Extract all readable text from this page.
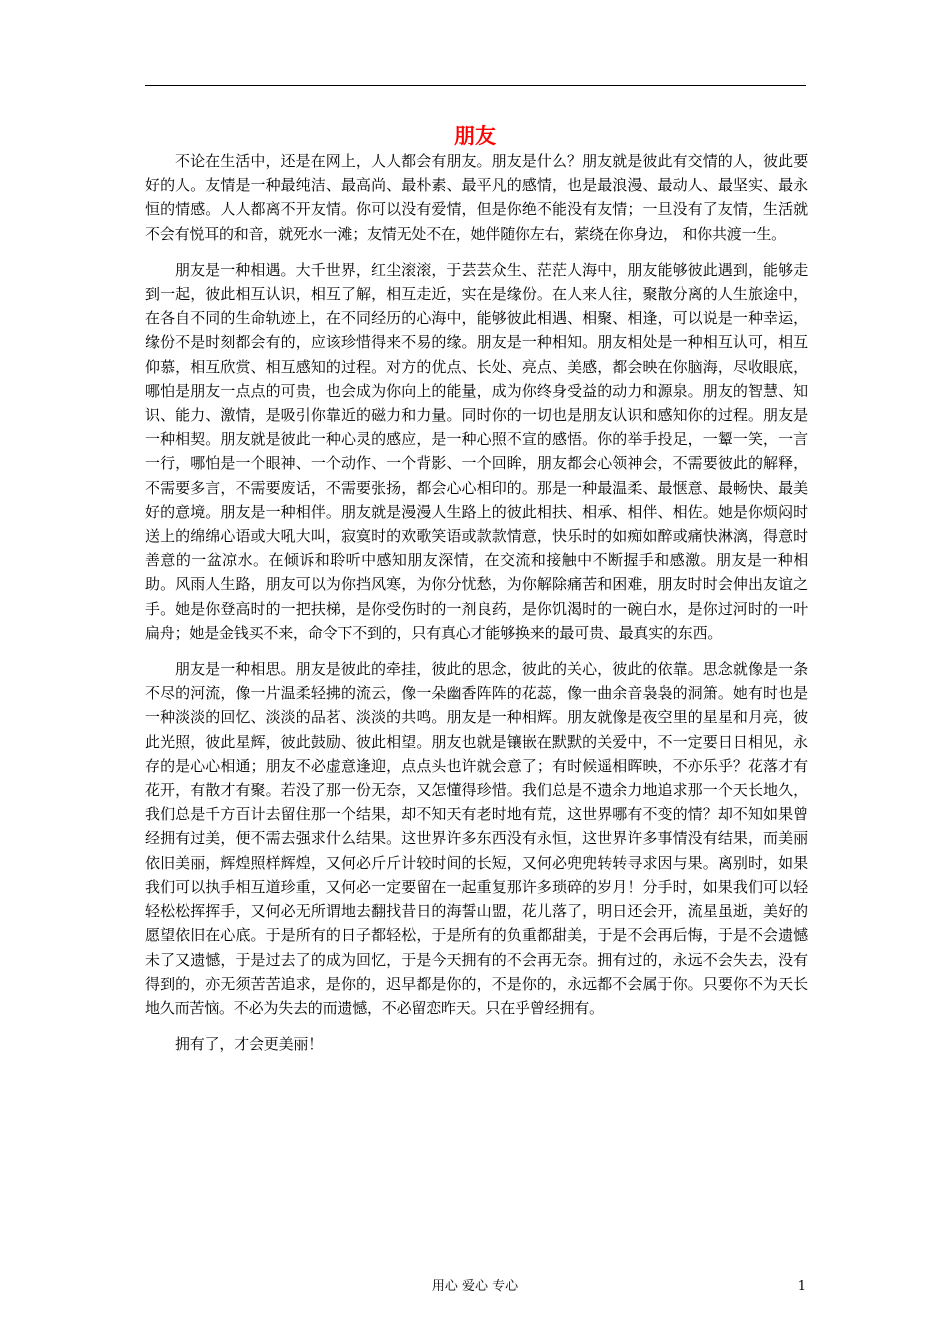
朋友

不论在生活中，还是在网上，人人都会有朋友。朋友是什么？朋友就是彼此有交情的人，彼此要好的人。友情是一种最纯洁、最高尚、最朴素、最平凡的感情，也是最浪漫、最动人、最坚实、最永恒的情感。人人都离不开友情。你可以没有爱情，但是你绝不能没有友情；一旦没有了友情，生活就不会有悦耳的和音，就死水一滩；友情无处不在，她伴随你左右，萦绕在你身边， 和你共渡一生。

朋友是一种相遇。大千世界，红尘滚滚，于芸芸众生、茫茫人海中，朋友能够彼此遇到，能够走到一起，彼此相互认识，相互了解，相互走近，实在是缘份。在人来人往，聚散分离的人生旅途中，在各自不同的生命轨迹上，在不同经历的心海中，能够彼此相遇、相聚、相逢，可以说是一种幸运，缘份不是时刻都会有的，应该珍惜得来不易的缘。朋友是一种相知。朋友相处是一种相互认可，相互仰慕，相互欣赏、相互感知的过程。对方的优点、长处、亮点、美感，都会映在你脑海，尽收眼底，哪怕是朋友一点点的可贵，也会成为你向上的能量，成为你终身受益的动力和源泉。朋友的智慧、知识、能力、激情，是吸引你靠近的磁力和力量。同时你的一切也是朋友认识和感知你的过程。朋友是一种相契。朋友就是彼此一种心灵的感应，是一种心照不宣的感悟。你的举手投足，一颦一笑，一言一行，哪怕是一个眼神、一个动作、一个背影、一个回眸，朋友都会心领神会，不需要彼此的解释，不需要多言，不需要废话，不需要张扬，都会心心相印的。那是一种最温柔、最惬意、最畅快、最美好的意境。朋友是一种相伴。朋友就是漫漫人生路上的彼此相扶、相承、相伴、相佐。她是你烦闷时送上的绵绵心语或大吼大叫，寂寞时的欢歌笑语或款款情意，快乐时的如痴如醉或痛快淋漓，得意时善意的一盆凉水。在倾诉和聆听中感知朋友深情，在交流和接触中不断握手和感激。朋友是一种相助。风雨人生路，朋友可以为你挡风寒，为你分忧愁，为你解除痛苦和困难，朋友时时会伸出友谊之手。她是你登高时的一把扶梯，是你受伤时的一剂良药，是你饥渴时的一碗白水，是你过河时的一叶扁舟；她是金钱买不来，命令下不到的，只有真心才能够换来的最可贵、最真实的东西。

朋友是一种相思。朋友是彼此的牵挂，彼此的思念，彼此的关心，彼此的依靠。思念就像是一条不尽的河流，像一片温柔轻拂的流云，像一朵幽香阵阵的花蕊，像一曲余音袅袅的洞箫。她有时也是一种淡淡的回忆、淡淡的品茗、淡淡的共鸣。朋友是一种相辉。朋友就像是夜空里的星星和月亮，彼此光照，彼此星辉，彼此鼓励、彼此相望。朋友也就是镶嵌在默默的关爱中，不一定要日日相见，永存的是心心相通；朋友不必虚意逢迎，点点头也许就会意了；有时候遥相晖映，不亦乐乎？花落才有花开，有散才有聚。若没了那一份无奈，又怎懂得珍惜。我们总是不遗余力地追求那一个天长地久，我们总是千方百计去留住那一个结果，却不知天有老时地有荒，这世界哪有不变的情？却不知如果曾经拥有过美，便不需去强求什么结果。这世界许多东西没有永恒，这世界许多事情没有结果，而美丽依旧美丽，辉煌照样辉煌，又何必斤斤计较时间的长短，又何必兜兜转转寻求因与果。离别时，如果我们可以执手相互道珍重，又何必一定要留在一起重复那许多琐碎的岁月！分手时，如果我们可以轻轻松松挥挥手，又何必无所谓地去翻找昔日的海誓山盟，花儿落了，明日还会开，流星虽逝，美好的愿望依旧在心底。于是所有的日子都轻松，于是所有的负重都甜美，于是不会再后悔，于是不会遗憾未了又遗憾，于是过去了的成为回忆，于是今天拥有的不会再无奈。拥有过的，永远不会失去，没有得到的，亦无须苦苦追求，是你的，迟早都是你的，不是你的，永远都不会属于你。只要你不为天长地久而苦恼。不必为失去的而遗憾，不必留恋昨天。只在乎曾经拥有。

拥有了，才会更美丽！

用心 爱心 专心	1
